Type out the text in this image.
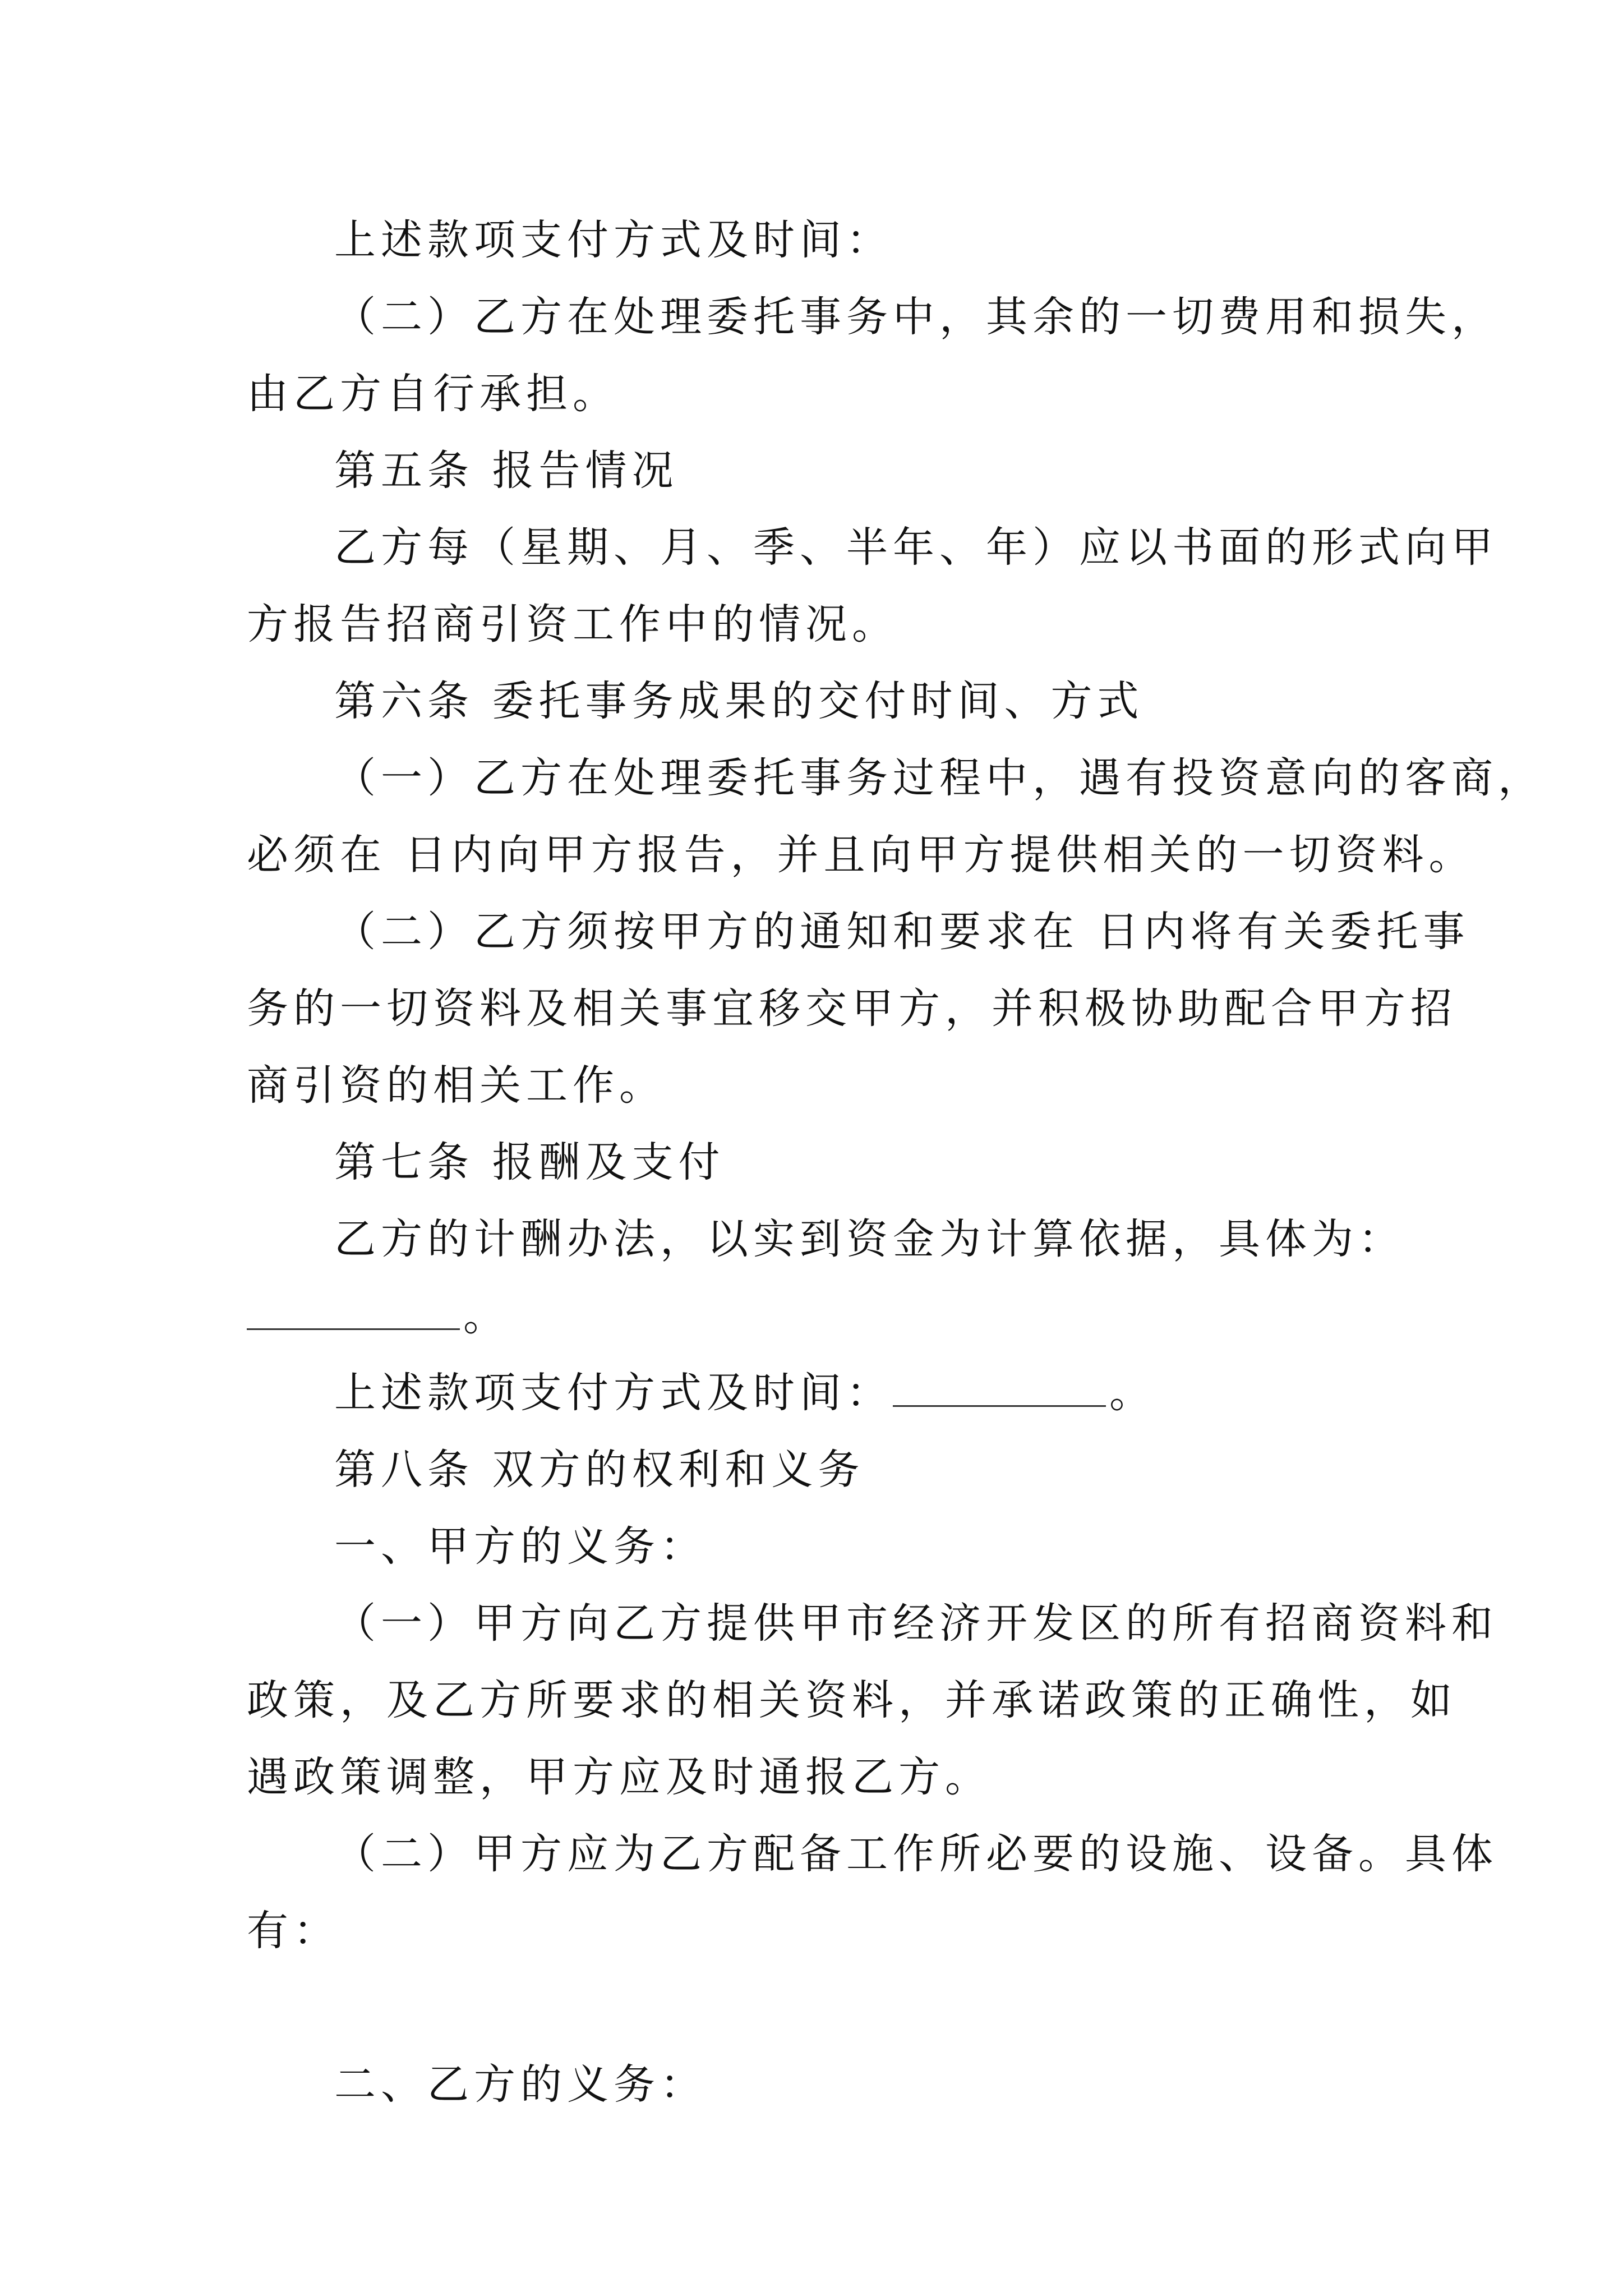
上述款项支付方式及时间：
（二）乙方在处理委托事务中，其余的一切费用和损失，
由乙方自行承担。
第五条 报告情况
乙方每（星期、月、季、半年、年）应以书面的形式向甲
方报告招商引资工作中的情况。
第六条 委托事务成果的交付时间、方式
（一）乙方在处理委托事务过程中，遇有投资意向的客商，
必须在 日内向甲方报告，并且向甲方提供相关的一切资料。
（二）乙方须按甲方的通知和要求在 日内将有关委托事
务的一切资料及相关事宜移交甲方，并积极协助配合甲方招
商引资的相关工作。
第七条 报酬及支付
乙方的计酬办法，以实到资金为计算依据，具体为：
。
上述款项支付方式及时间：	。
第八条 双方的权利和义务
一、甲方的义务：
（一）甲方向乙方提供甲市经济开发区的所有招商资料和
政策，及乙方所要求的相关资料，并承诺政策的正确性，如
遇政策调整，甲方应及时通报乙方。
（二）甲方应为乙方配备工作所必要的设施、设备。具体
有：
二、乙方的义务：
